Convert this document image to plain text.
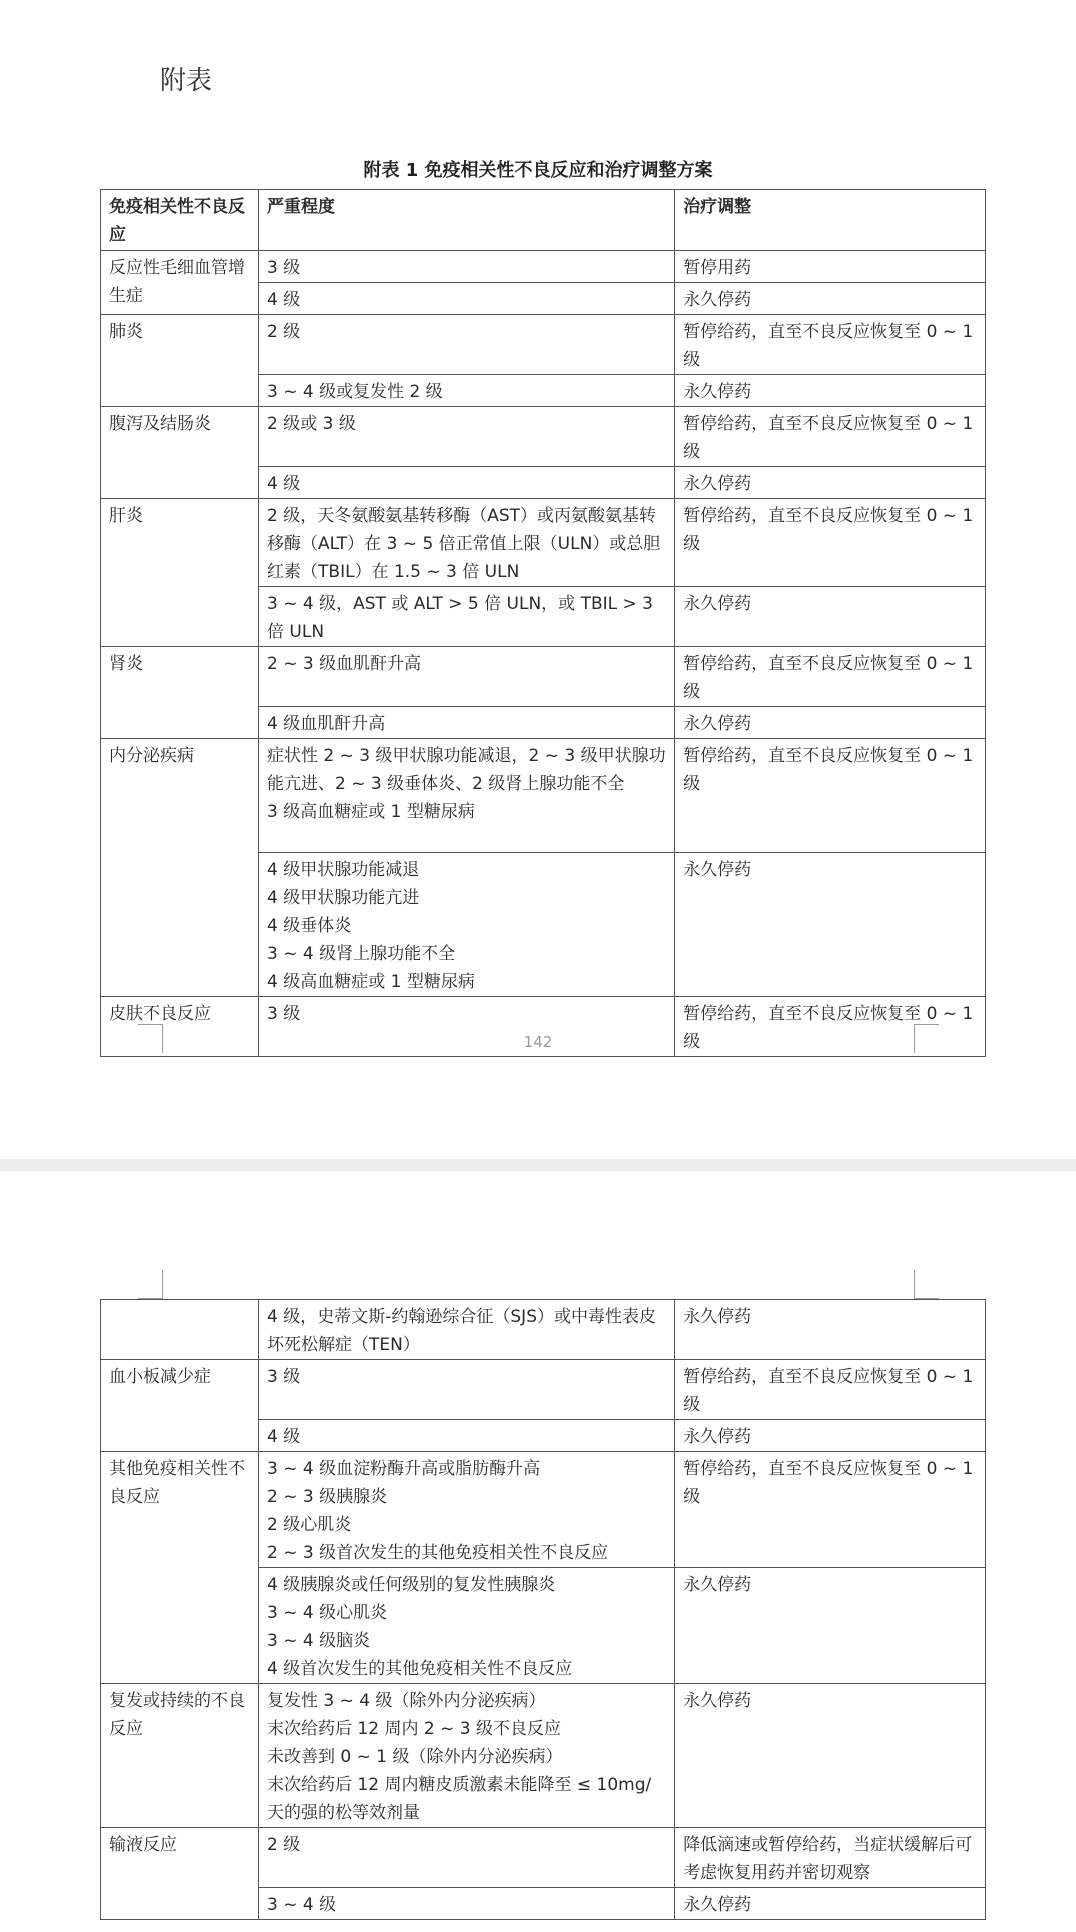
附表
附表 1 免疫相关性不良反应和治疗调整方案
免疫相关性不良反应	严重程度	治疗调整
反应性毛细血管增生症	3 级	暂停用药
	4 级	永久停药
肺炎	2 级	暂停给药，直至不良反应恢复至 0 ~ 1 级
	3 ~ 4 级或复发性 2 级	永久停药
腹泻及结肠炎	2 级或 3 级	暂停给药，直至不良反应恢复至 0 ~ 1 级
	4 级	永久停药
肝炎	2 级，天冬氨酸氨基转移酶（AST）或丙氨酸氨基转移酶（ALT）在 3 ~ 5 倍正常值上限（ULN）或总胆红素（TBIL）在 1.5 ~ 3 倍 ULN	暂停给药，直至不良反应恢复至 0 ~ 1 级
	3 ~ 4 级，AST 或 ALT > 5 倍 ULN，或 TBIL > 3 倍 ULN	永久停药
肾炎	2 ~ 3 级血肌酐升高	暂停给药，直至不良反应恢复至 0 ~ 1 级
	4 级血肌酐升高	永久停药
内分泌疾病	症状性 2 ~ 3 级甲状腺功能减退，2 ~ 3 级甲状腺功能亢进、2 ~ 3 级垂体炎、2 级肾上腺功能不全
3 级高血糖症或 1 型糖尿病	暂停给药，直至不良反应恢复至 0 ~ 1 级
	4 级甲状腺功能减退
4 级甲状腺功能亢进
4 级垂体炎
3 ~ 4 级肾上腺功能不全
4 级高血糖症或 1 型糖尿病	永久停药
皮肤不良反应	3 级	暂停给药，直至不良反应恢复至 0 ~ 1 级
142
	4 级，史蒂文斯-约翰逊综合征（SJS）或中毒性表皮坏死松解症（TEN）	永久停药
血小板减少症	3 级	暂停给药，直至不良反应恢复至 0 ~ 1 级
	4 级	永久停药
其他免疫相关性不良反应	3 ~ 4 级血淀粉酶升高或脂肪酶升高
2 ~ 3 级胰腺炎
2 级心肌炎
2 ~ 3 级首次发生的其他免疫相关性不良反应	暂停给药，直至不良反应恢复至 0 ~ 1 级
	4 级胰腺炎或任何级别的复发性胰腺炎
3 ~ 4 级心肌炎
3 ~ 4 级脑炎
4 级首次发生的其他免疫相关性不良反应	永久停药
复发或持续的不良反应	复发性 3 ~ 4 级（除外内分泌疾病）
末次给药后 12 周内 2 ~ 3 级不良反应
未改善到 0 ~ 1 级（除外内分泌疾病）
末次给药后 12 周内糖皮质激素未能降至 ≤ 10mg/天的强的松等效剂量	永久停药
输液反应	2 级	降低滴速或暂停给药，当症状缓解后可考虑恢复用药并密切观察
	3 ~ 4 级	永久停药
